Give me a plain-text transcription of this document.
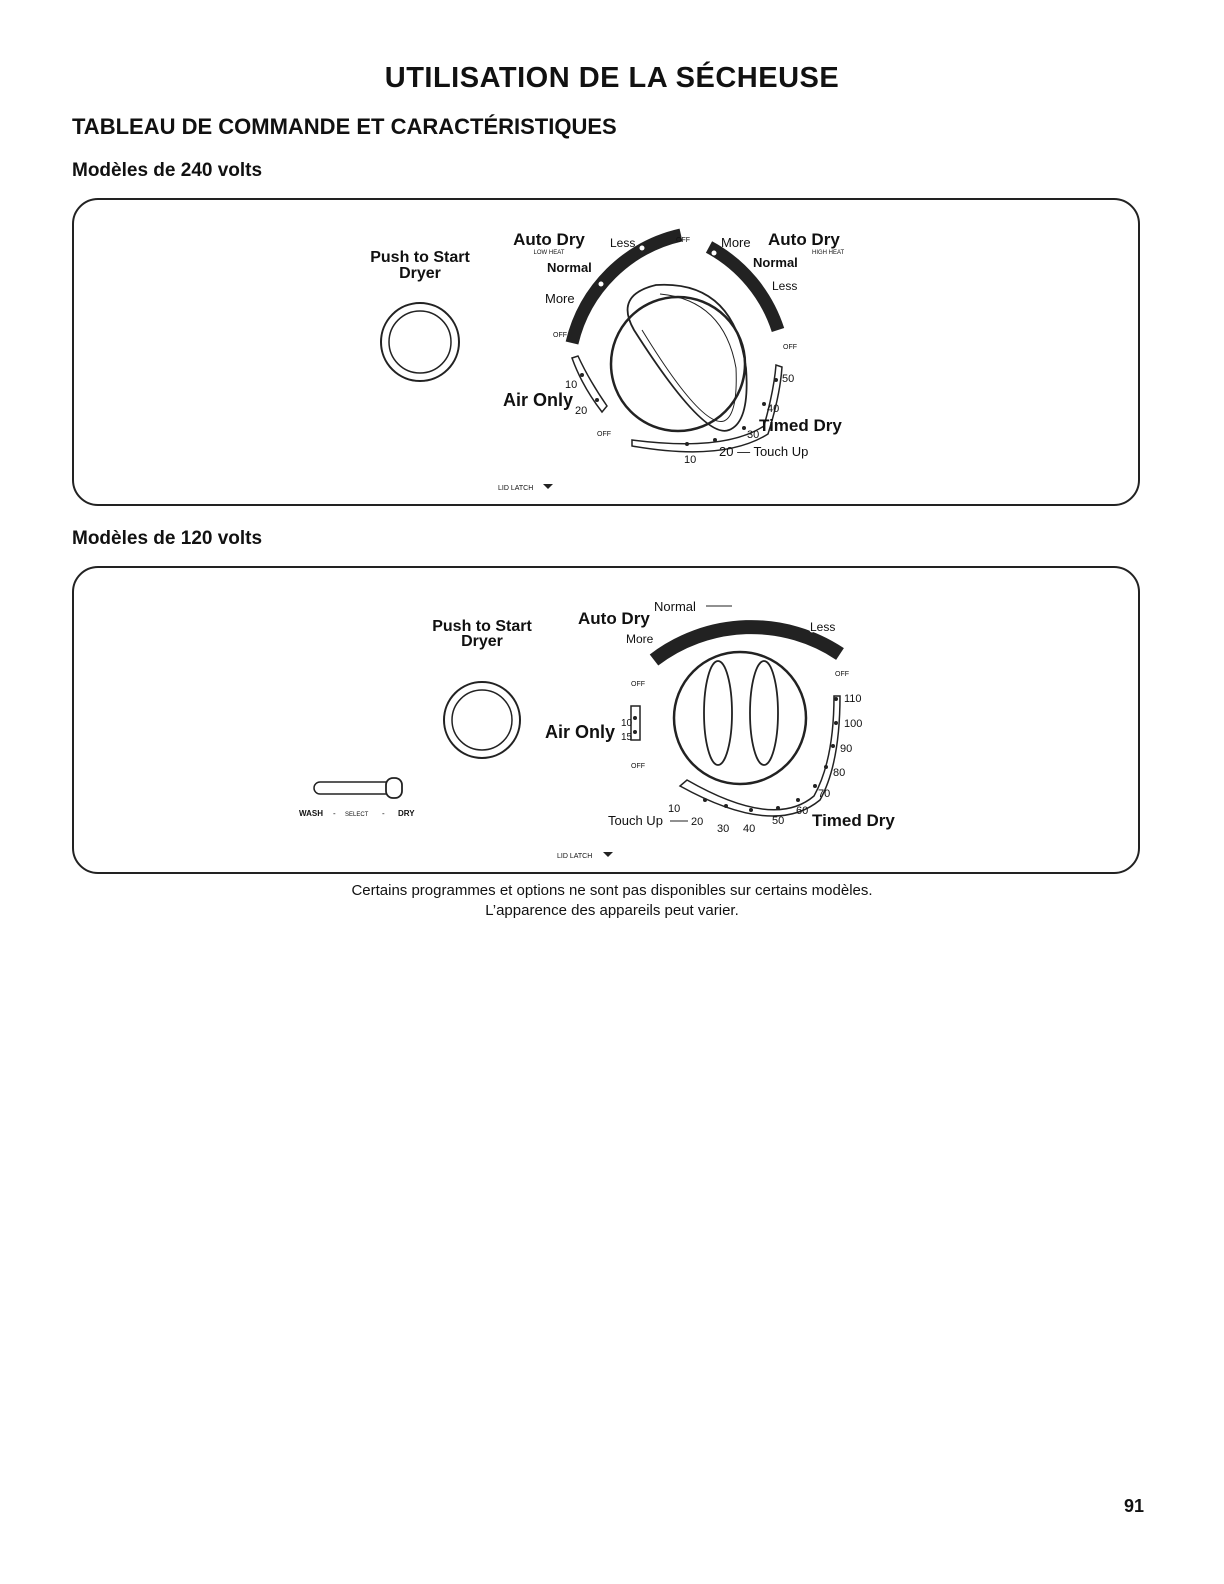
UTILISATION DE LA SÉCHEUSE
TABLEAU DE COMMANDE ET CARACTÉRISTIQUES
Modèles de 240 volts
Push to Start
Dryer
Auto Dry
LOW HEAT
Less
Normal
More
OFF More Auto Dry
HIGH HEAT
Normal
Less
OFF
OFF
10
Air Only
20
50
40
30 Timed Dry
OFF
10
20 — Touch Up
LID LATCH
Modèles de 120 volts
Push to Start
Dryer
WASH - SELECT - DRY
Auto Dry
Normal
More
Less
OFF
OFF
OFF
10
15
Air Only
110
100
90
80
70
60
50
40
30
10
Touch Up	20	Timed Dry
LID LATCH
Certains programmes et options ne sont pas disponibles sur certains modèles.
L’apparence des appareils peut varier.
91
